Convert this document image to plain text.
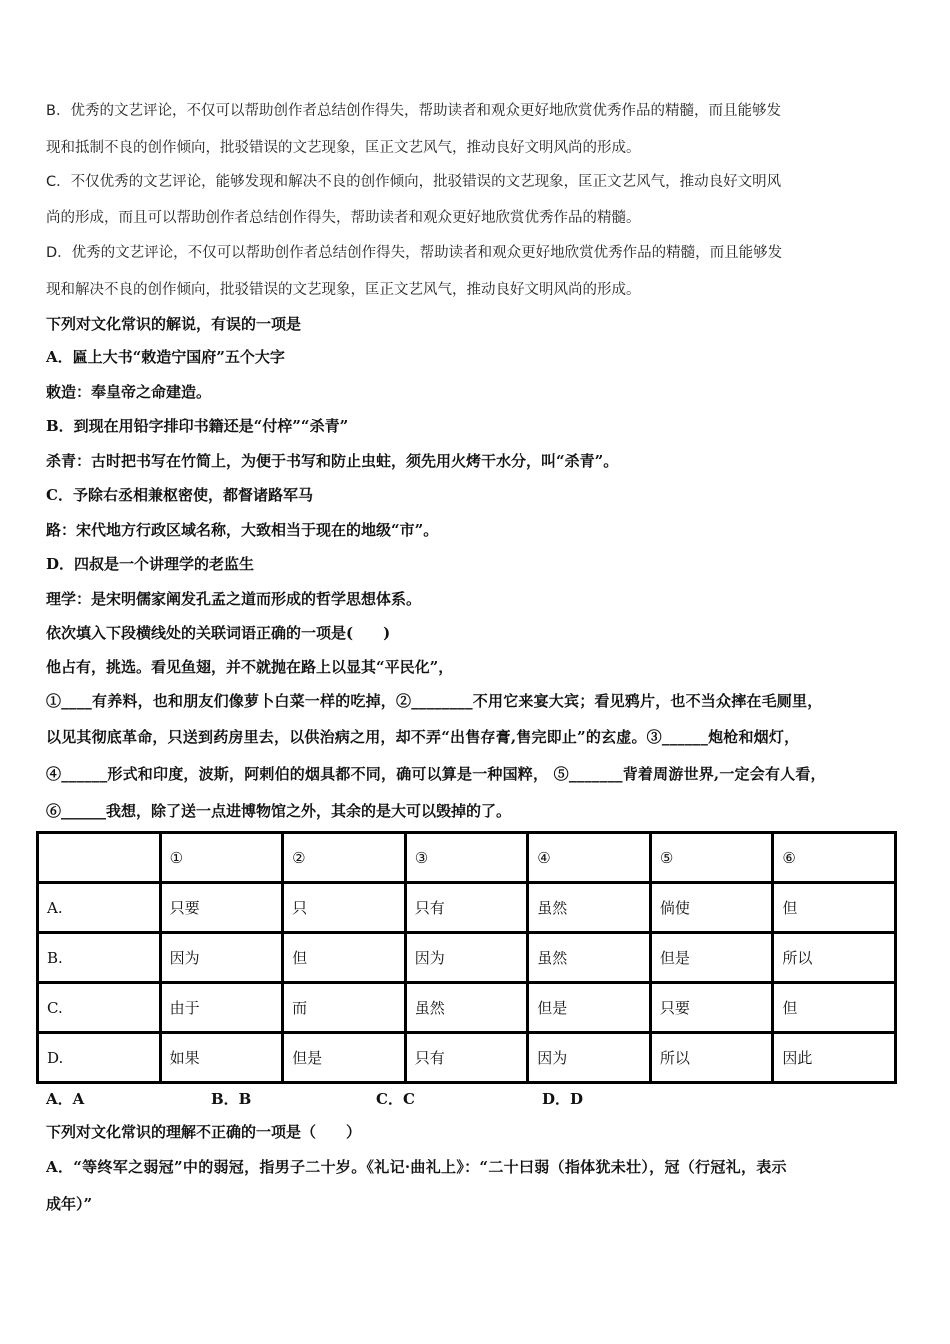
B．优秀的文艺评论，不仅可以帮助创作者总结创作得失，帮助读者和观众更好地欣赏优秀作品的精髓，而且能够发
现和抵制不良的创作倾向，批驳错误的文艺现象，匡正文艺风气，推动良好文明风尚的形成。
C．不仅优秀的文艺评论，能够发现和解决不良的创作倾向，批驳错误的文艺现象，匡正文艺风气，推动良好文明风
尚的形成，而且可以帮助创作者总结创作得失，帮助读者和观众更好地欣赏优秀作品的精髓。
D．优秀的文艺评论，不仅可以帮助创作者总结创作得失，帮助读者和观众更好地欣赏优秀作品的精髓，而且能够发
现和解决不良的创作倾向，批驳错误的文艺现象，匡正文艺风气，推动良好文明风尚的形成。
下列对文化常识的解说，有误的一项是
A．匾上大书“敕造宁国府”五个大字
敕造：奉皇帝之命建造。
B．到现在用铅字排印书籍还是“付梓”“杀青”
杀青：古时把书写在竹简上，为便于书写和防止虫蛀，须先用火烤干水分，叫“杀青”。
C．予除右丞相兼枢密使，都督诸路军马
路：宋代地方行政区域名称，大致相当于现在的地级“市”。
D．四叔是一个讲理学的老监生
理学：是宋明儒家阐发孔孟之道而形成的哲学思想体系。
依次填入下段横线处的关联词语正确的一项是(　　)
他占有，挑选。看见鱼翅，并不就抛在路上以显其“平民化”，
①____有养料，也和朋友们像萝卜白菜一样的吃掉，②________不用它来宴大宾；看见鸦片，也不当众摔在毛厕里，
以见其彻底革命，只送到药房里去，以供治病之用，却不弄“出售存膏,售完即止”的玄虚。③______炮枪和烟灯，
④______形式和印度，波斯，阿剌伯的烟具都不同，确可以算是一种国粹， ⑤_______背着周游世界,一定会有人看，
⑥______我想，除了送一点进博物馆之外，其余的是大可以毁掉的了。
	①	②	③	④	⑤	⑥
A.	只要	只	只有	虽然	倘使	但
B.	因为	但	因为	虽然	但是	所以
C.	由于	而	虽然	但是	只要	但
D.	如果	但是	只有	因为	所以	因此
A．A	B．B	C．C	D．D
下列对文化常识的理解不正确的一项是（　　）
A．“等终军之弱冠”中的弱冠，指男子二十岁。《礼记·曲礼上》：“二十曰弱（指体犹未壮），冠（行冠礼，表示
成年）”
